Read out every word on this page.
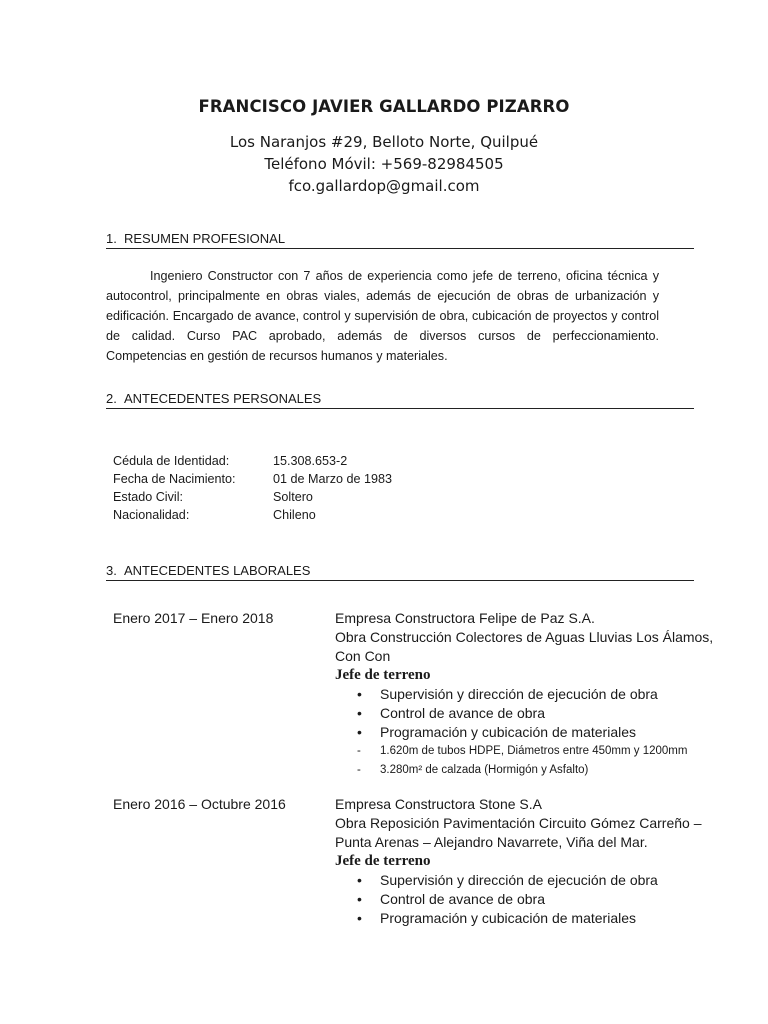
FRANCISCO JAVIER GALLARDO PIZARRO
Los Naranjos #29, Belloto Norte, Quilpué
Teléfono Móvil: +569-82984505
fco.gallardop@gmail.com
1. RESUMEN PROFESIONAL
Ingeniero Constructor con 7 años de experiencia como jefe de terreno, oficina técnica y autocontrol, principalmente en obras viales, además de ejecución de obras de urbanización y edificación. Encargado de avance, control y supervisión de obra, cubicación de proyectos y control de calidad. Curso PAC aprobado, además de diversos cursos de perfeccionamiento. Competencias en gestión de recursos humanos y materiales.
2. ANTECEDENTES PERSONALES
Cédula de Identidad:	15.308.653-2
Fecha de Nacimiento:	01 de Marzo de 1983
Estado Civil:	Soltero
Nacionalidad:	Chileno
3. ANTECEDENTES LABORALES
Enero 2017 – Enero 2018	Empresa Constructora Felipe de Paz S.A.
Obra Construcción Colectores de Aguas Lluvias Los Álamos, Con Con
Jefe de terreno
• Supervisión y dirección de ejecución de obra
• Control de avance de obra
• Programación y cubicación de materiales
- 1.620m de tubos HDPE, Diámetros entre 450mm y 1200mm
- 3.280m² de calzada (Hormigón y Asfalto)
Enero 2016 – Octubre 2016	Empresa Constructora Stone S.A
Obra Reposición Pavimentación Circuito Gómez Carreño – Punta Arenas – Alejandro Navarrete, Viña del Mar.
Jefe de terreno
• Supervisión y dirección de ejecución de obra
• Control de avance de obra
• Programación y cubicación de materiales
